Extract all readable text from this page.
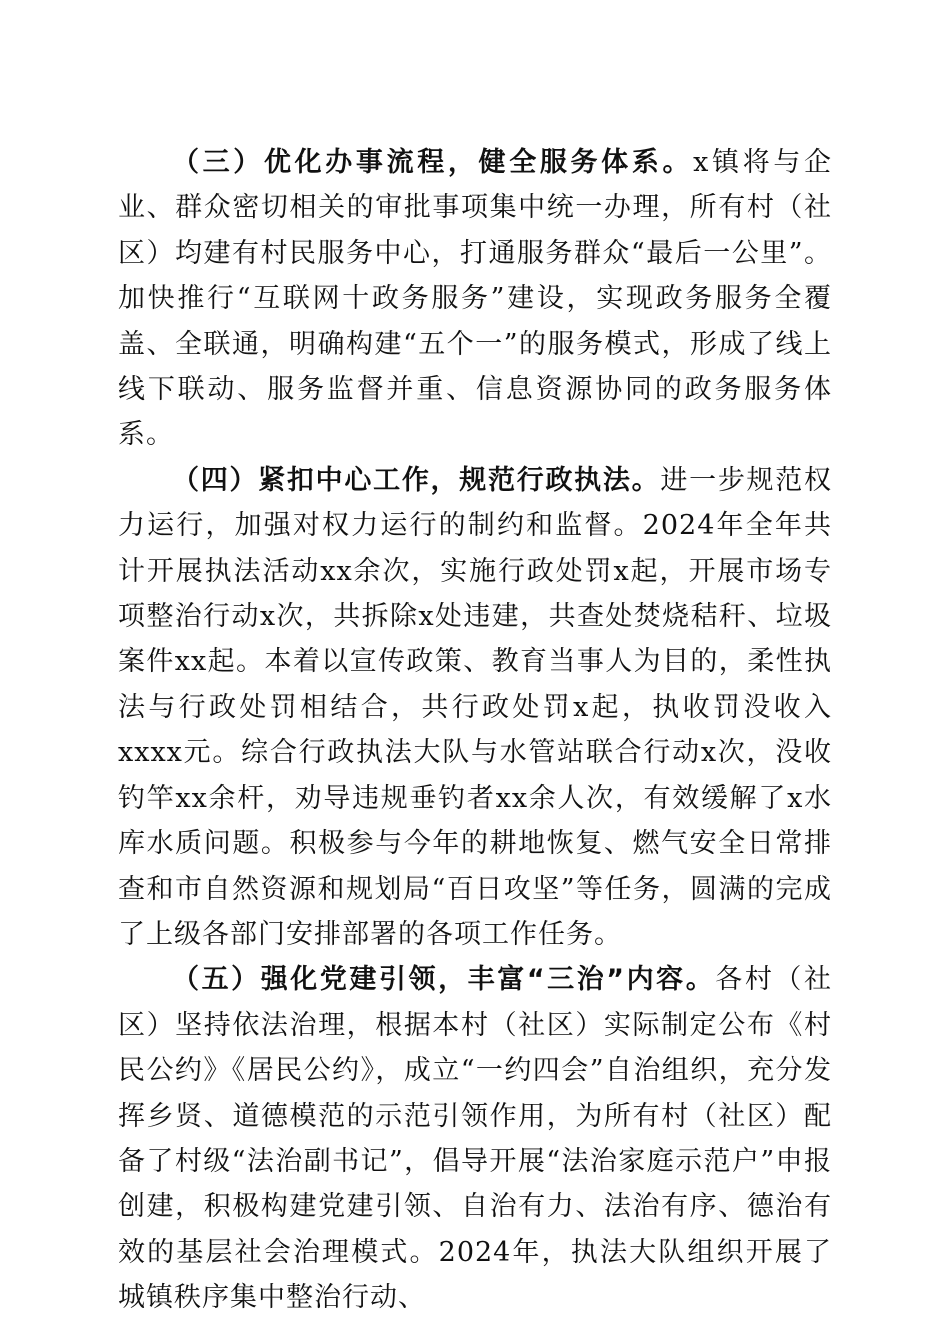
（三）优化办事流程，健全服务体系。x镇将与企业、群众密切相关的审批事项集中统一办理，所有村（社区）均建有村民服务中心，打通服务群众“最后一公里”。加快推行“互联网十政务服务”建设，实现政务服务全覆盖、全联通，明确构建“五个一”的服务模式，形成了线上线下联动、服务监督并重、信息资源协同的政务服务体系。

（四）紧扣中心工作，规范行政执法。进一步规范权力运行，加强对权力运行的制约和监督。2024年全年共计开展执法活动xx余次，实施行政处罚x起，开展市场专项整治行动x次，共拆除x处违建，共查处焚烧秸秆、垃圾案件xx起。本着以宣传政策、教育当事人为目的，柔性执法与行政处罚相结合，共行政处罚x起，执收罚没收入xxxx元。综合行政执法大队与水管站联合行动x次，没收钓竿xx余杆，劝导违规垂钓者xx余人次，有效缓解了x水库水质问题。积极参与今年的耕地恢复、燃气安全日常排查和市自然资源和规划局“百日攻坚”等任务，圆满的完成了上级各部门安排部署的各项工作任务。

（五）强化党建引领，丰富“三治”内容。各村（社区）坚持依法治理，根据本村（社区）实际制定公布《村民公约》《居民公约》，成立“一约四会”自治组织，充分发挥乡贤、道德模范的示范引领作用，为所有村（社区）配备了村级“法治副书记”，倡导开展“法治家庭示范户”申报创建，积极构建党建引领、自治有力、法治有序、德治有效的基层社会治理模式。2024年，执法大队组织开展了城镇秩序集中整治行动、
